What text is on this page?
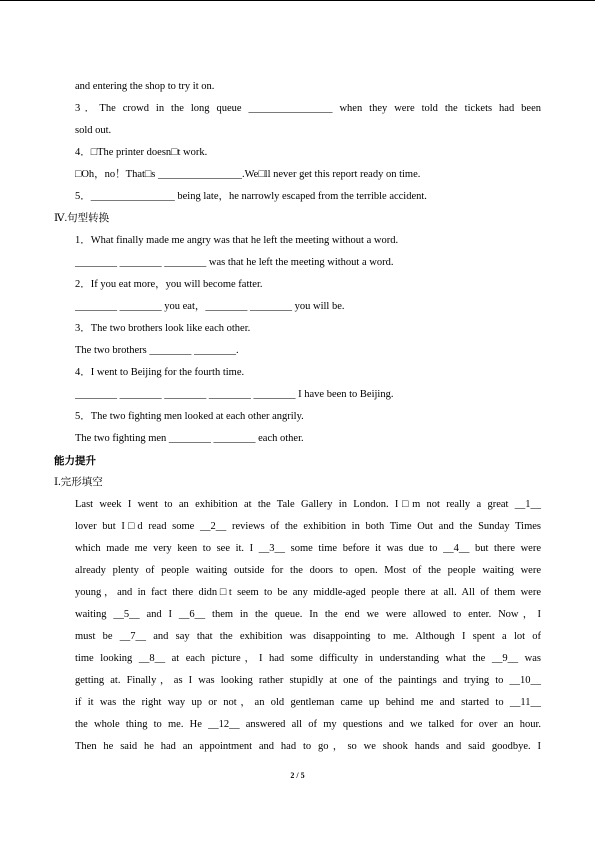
and entering the shop to try it on.
3．The crowd in the long queue ________________ when they were told the tickets had been
sold out.
4．□The printer doesn□t work.
□Oh，no！That□s ________________.We□ll never get this report ready on time.
5．________________ being late，he narrowly escaped from the terrible accident.
Ⅳ.句型转换
1．What finally made me angry was that he left the meeting without a word.
________ ________ ________ was that he left the meeting without a word.
2．If you eat more，you will become fatter.
________ ________ you eat，________ ________ you will be.
3．The two brothers look like each other.
The two brothers ________ ________.
4．I went to Beijing for the fourth time.
________ ________ ________ ________ ________ I have been to Beijing.
5．The two fighting men looked at each other angrily.
The two fighting men ________ ________ each other.
能力提升
Ⅰ.完形填空
Last week I went to an exhibition at the Tale Gallery in London. I□m not really a great __1__
lover but I□d read some __2__ reviews of the exhibition in both Time Out and the Sunday Times
which made me very keen to see it. I __3__ some time before it was due to __4__ but there were
already plenty of people waiting outside for the doors to open. Most of the people waiting were
young，and in fact there didn□t seem to be any middle-aged people there at all. All of them were
waiting __5__ and I __6__ them in the queue. In the end we were allowed to enter. Now，I
must be __7__ and say that the exhibition was disappointing to me. Although I spent a lot of
time looking __8__ at each picture，I had some difficulty in understanding what the __9__ was
getting at. Finally，as I was looking rather stupidly at one of the paintings and trying to __10__
if it was the right way up or not，an old gentleman came up behind me and started to __11__
the whole thing to me. He __12__ answered all of my questions and we talked for over an hour.
Then he said he had an appointment and had to go，so we shook hands and said goodbye. I
2 / 5
